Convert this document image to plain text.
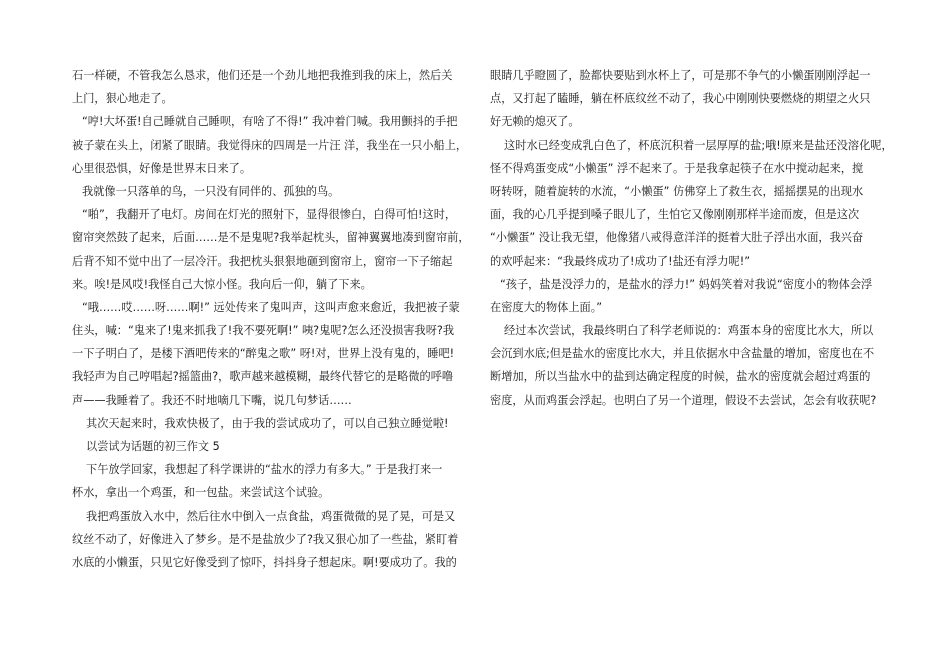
石一样硬，不管我怎么恳求，他们还是一个劲儿地把我推到我的床上，然后关
上门，狠心地走了。
“哼!大坏蛋!自己睡就自己睡呗，有啥了不得!” 我冲着门喊。我用颤抖的手把
被子蒙在头上，闭紧了眼睛。我觉得床的四周是一片汪 洋，我坐在一只小船上，
心里很恐惧，好像是世界末日来了。
我就像一只落单的鸟，一只没有同伴的、孤独的鸟。
“啪”，我翻开了电灯。房间在灯光的照射下，显得很惨白，白得可怕!这时，
窗帘突然鼓了起来，后面……是不是鬼呢?我举起枕头，留神翼翼地凑到窗帘前，
后背不知不觉中出了一层冷汗。我把枕头狠狠地砸到窗帘上，窗帘一下子缩起
来。唉!是风哎!我怪自己大惊小怪。我向后一仰，躺了下来。
“哦……哎……呀……啊!” 远处传来了鬼叫声，这叫声愈来愈近，我把被子蒙
住头，喊：“鬼来了!鬼来抓我了!我不要死啊!” 咦?鬼呢?怎么还没损害我呀?我
一下子明白了，是楼下酒吧传来的“醉鬼之歌” 呀!对，世界上没有鬼的，睡吧!
我轻声为自己哼唱起?摇篮曲?，歌声越来越模糊，最终代替它的是略微的呼噜
声——我睡着了。我还不时地嘀几下嘴，说几句梦话……
其次天起来时，我欢快极了，由于我的尝试成功了，可以自己独立睡觉啦!
以尝试为话题的初三作文 5
下午放学回家，我想起了科学课讲的“盐水的浮力有多大。” 于是我打来一
杯水，拿出一个鸡蛋，和一包盐。来尝试这个试验。
我把鸡蛋放入水中，然后往水中倒入一点食盐，鸡蛋微微的晃了晃，可是又
纹丝不动了，好像进入了梦乡。是不是盐放少了?我又狠心加了一些盐，紧盯着
水底的小懒蛋，只见它好像受到了惊吓，抖抖身子想起床。啊!要成功了。我的
眼睛几乎瞪圆了，脸都快要贴到水杯上了，可是那不争气的小懒蛋刚刚浮起一
点，又打起了瞌睡，躺在杯底纹丝不动了，我心中刚刚快要燃烧的期望之火只
好无赖的熄灭了。
这时水已经变成乳白色了，杯底沉积着一层厚厚的盐;哦!原来是盐还没溶化呢，
怪不得鸡蛋变成“小懒蛋” 浮不起来了。于是我拿起筷子在水中搅动起来，搅
呀转呀，随着旋转的水流，“小懒蛋” 仿佛穿上了救生衣，摇摇摆晃的出现水
面，我的心几乎提到嗓子眼儿了，生怕它又像刚刚那样半途而废，但是这次
“小懒蛋” 没让我无望，他像猪八戒得意洋洋的挺着大肚子浮出水面，我兴奋
的欢呼起来：“我最终成功了!成功了!盐还有浮力呢!”
“孩子，盐是没浮力的，是盐水的浮力!” 妈妈笑着对我说“密度小的物体会浮
在密度大的物体上面。”
经过本次尝试，我最终明白了科学老师说的：鸡蛋本身的密度比水大，所以
会沉到水底;但是盐水的密度比水大，并且依据水中含盐量的增加，密度也在不
断增加，所以当盐水中的盐到达确定程度的时候，盐水的密度就会超过鸡蛋的
密度，从而鸡蛋会浮起。也明白了另一个道理，假设不去尝试，怎会有收获呢?
